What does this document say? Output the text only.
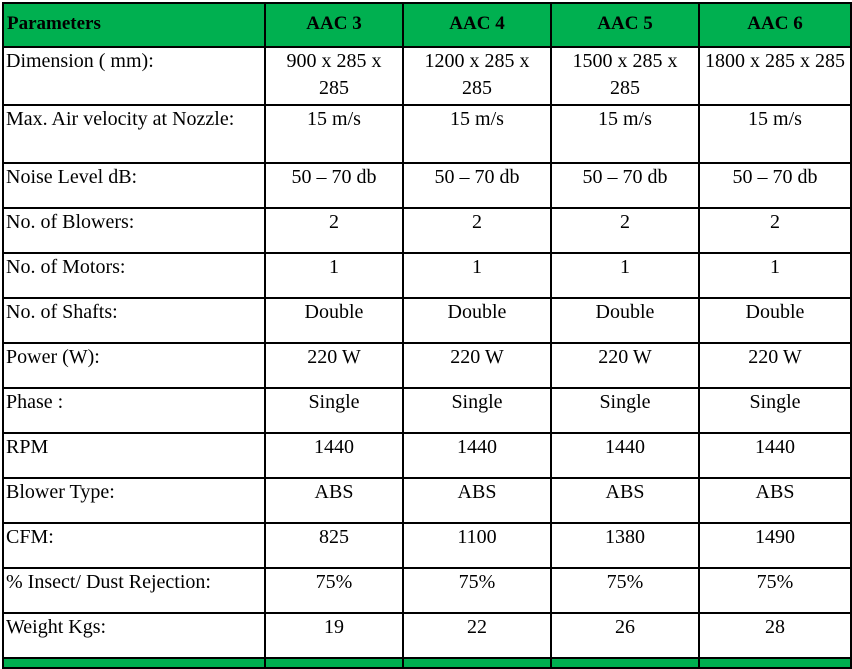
Parameters	AAC 3	AAC 4	AAC 5	AAC 6
Dimension ( mm):	900 x 285 x 285	1200 x 285 x 285	1500 x 285 x 285	1800 x 285 x 285
Max. Air velocity at Nozzle:	15 m/s	15 m/s	15 m/s	15 m/s
Noise Level dB:	50 – 70 db	50 – 70 db	50 – 70 db	50 – 70 db
No. of Blowers:	2	2	2	2
No. of Motors:	1	1	1	1
No. of Shafts:	Double	Double	Double	Double
Power (W):	220 W	220 W	220 W	220 W
Phase :	Single	Single	Single	Single
RPM	1440	1440	1440	1440
Blower Type:	ABS	ABS	ABS	ABS
CFM:	825	1100	1380	1490
% Insect/ Dust Rejection:	75%	75%	75%	75%
Weight Kgs:	19	22	26	28
